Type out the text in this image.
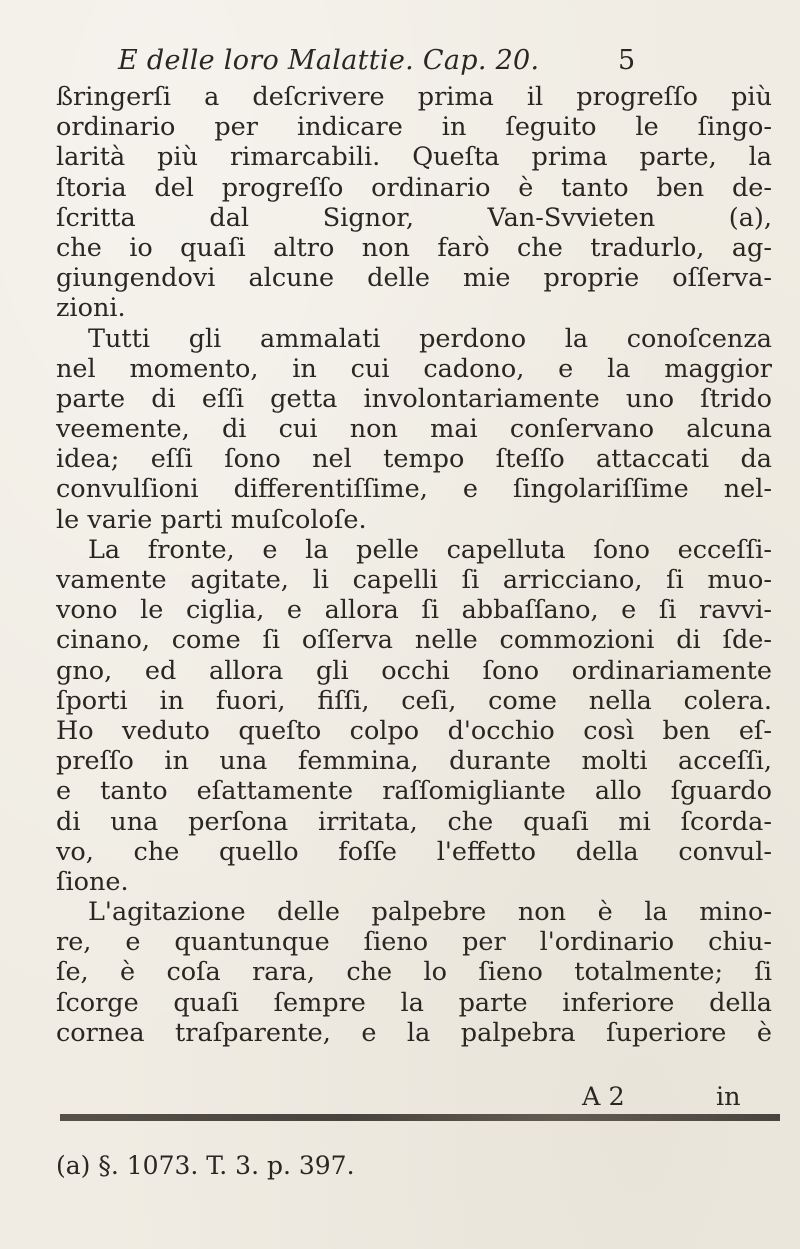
E delle loro Malattie. Cap. 20.	5
ßringerſi a deſcrivere prima il progreſſo più
ordinario per indicare in ſeguito le ſingo-
larità più rimarcabili. Queſta prima parte, la
ſtoria del progreſſo ordinario è tanto ben de-
ſcritta dal Signor, Van-Svvieten (a),
che io quaſi altro non farò che tradurlo, ag-
giungendovi alcune delle mie proprie oſſerva-
zioni.
Tutti gli ammalati perdono la conoſcenza
nel momento, in cui cadono, e la maggior
parte di eſſi getta involontariamente uno ſtrido
veemente, di cui non mai conſervano alcuna
idea; eſſi ſono nel tempo ſteſſo attaccati da
convulſioni differentiſſime, e ſingolariſſime nel-
le varie parti muſcoloſe.
La fronte, e la pelle capelluta ſono ecceſſi-
vamente agitate, li capelli ſi arricciano, ſi muo-
vono le ciglia, e allora ſi abbaſſano, e ſi ravvi-
cinano, come ſi oſſerva nelle commozioni di ſde-
gno, ed allora gli occhi ſono ordinariamente
ſporti in fuori, fiſſi, ceſi, come nella colera.
Ho veduto queſto colpo d'occhio così ben eſ-
preſſo in una femmina, durante molti acceſſi,
e tanto eſattamente raſſomigliante allo ſguardo
di una perſona irritata, che quaſi mi ſcorda-
vo, che quello foſſe l'effetto della convul-
ſione.
L'agitazione delle palpebre non è la mino-
re, e quantunque ſieno per l'ordinario chiu-
ſe, è coſa rara, che lo ſieno totalmente; ſi
ſcorge quaſi ſempre la parte inferiore della
cornea traſparente, e la palpebra ſuperiore è
A 2	in
(a) §. 1073. T. 3. p. 397.
